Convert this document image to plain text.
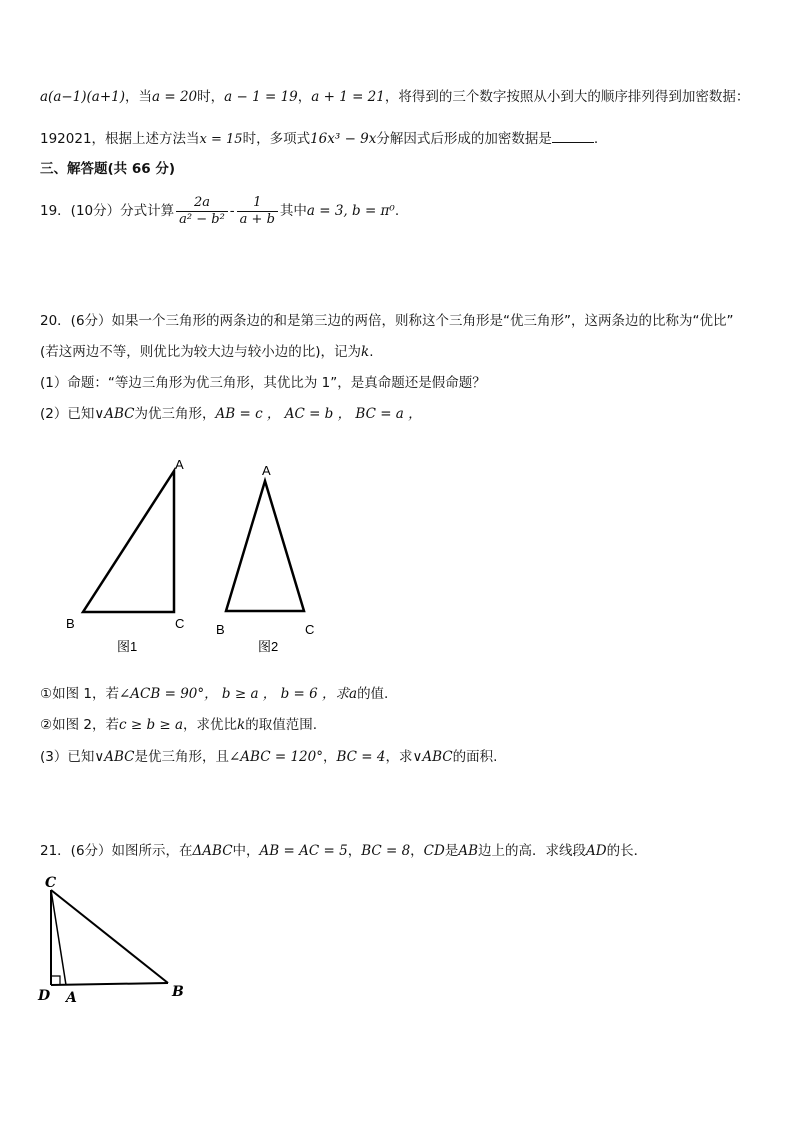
a(a−1)(a+1)，当a = 20时，a − 1 = 19，a + 1 = 21，将得到的三个数字按照从小到大的顺序排列得到加密数据：
192021，根据上述方法当x = 15时，多项式16x³ − 9x分解因式后形成的加密数据是	.
三、解答题(共 66 分)
19．(10分）分式计算 $\frac{2a}{\text{a² − b²}} - \frac{1}{a + b}$ 其中 a = 3, b = π⁰ .
20．(6分）如果一个三角形的两条边的和是第三边的两倍，则称这个三角形是“优三角形”，这两条边的比称为“优比”
(若这两边不等，则优比为较大边与较小边的比)，记为k.
(1）命题：“等边三角形为优三角形，其优比为 1”，是真命题还是假命题？
(2）已知∨ABC为优三角形，AB = c ， AC = b ， BC = a ，
A
B	C
图1
A
B	C
图2
①如图 1，若∠ACB = 90°， b ≥ a ， b = 6 ，求a的值.
②如图 2，若c ≥ b ≥ a，求优比k的取值范围.
(3）已知∨ABC是优三角形，且∠ABC = 120°，BC = 4，求∨ABC的面积.
21．(6分）如图所示，在ΔABC中，AB = AC = 5，BC = 8，CD是AB边上的高．求线段AD的长．
C
D A	B
